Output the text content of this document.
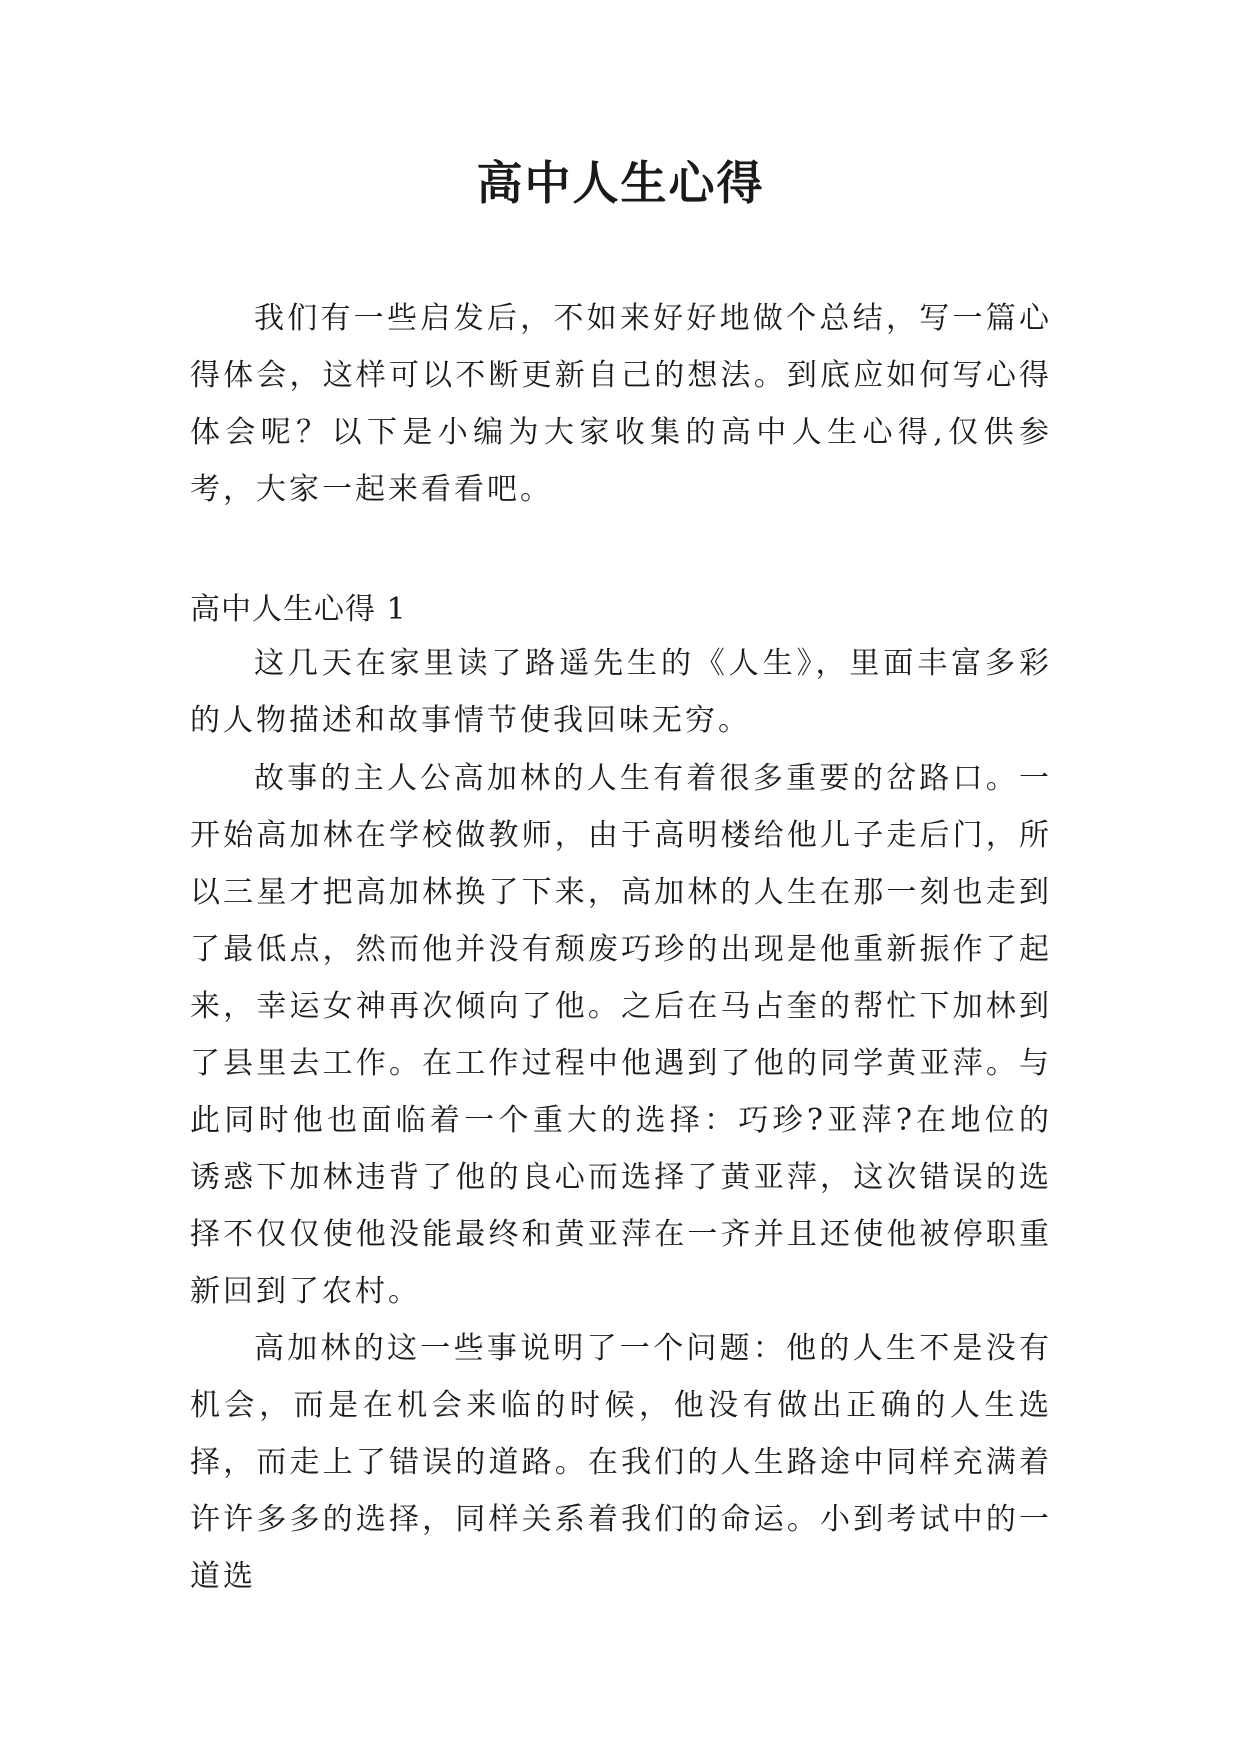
高中人生心得

我们有一些启发后，不如来好好地做个总结，写一篇心得体会，这样可以不断更新自己的想法。到底应如何写心得体会呢？以下是小编为大家收集的高中人生心得,仅供参考，大家一起来看看吧。

高中人生心得 1

这几天在家里读了路遥先生的《人生》，里面丰富多彩的人物描述和故事情节使我回味无穷。

故事的主人公高加林的人生有着很多重要的岔路口。一开始高加林在学校做教师，由于高明楼给他儿子走后门，所以三星才把高加林换了下来，高加林的人生在那一刻也走到了最低点，然而他并没有颓废巧珍的出现是他重新振作了起来，幸运女神再次倾向了他。之后在马占奎的帮忙下加林到了县里去工作。在工作过程中他遇到了他的同学黄亚萍。与此同时他也面临着一个重大的选择：巧珍?亚萍?在地位的诱惑下加林违背了他的良心而选择了黄亚萍，这次错误的选择不仅仅使他没能最终和黄亚萍在一齐并且还使他被停职重新回到了农村。

高加林的这一些事说明了一个问题：他的人生不是没有机会，而是在机会来临的时候，他没有做出正确的人生选择，而走上了错误的道路。在我们的人生路途中同样充满着许许多多的选择，同样关系着我们的命运。小到考试中的一道选
